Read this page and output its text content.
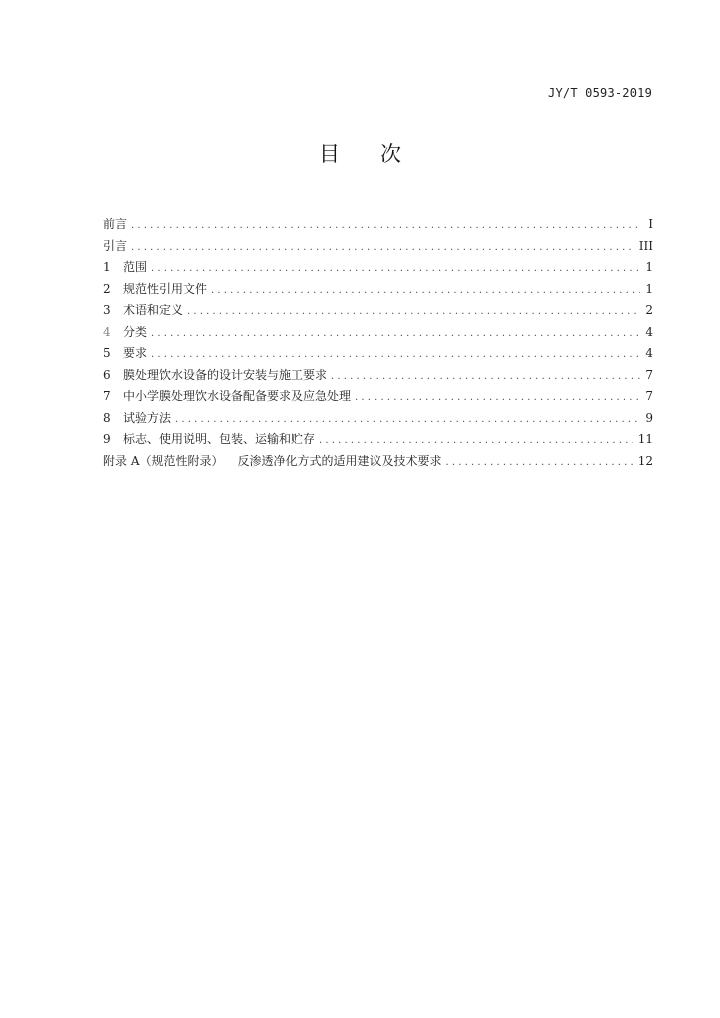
JY/T 0593-2019
目 次
前言 .....	I
引言 .....	III
1	范围 .....	1
2	规范性引用文件 .....	1
3	术语和定义 .....	2
4	分类 .....	4
5	要求 .....	4
6	膜处理饮水设备的设计安装与施工要求 .....	7
7	中小学膜处理饮水设备配备要求及应急处理 .....	7
8	试验方法 .....	9
9	标志、使用说明、包装、运输和贮存 .....	11
附录 A（规范性附录） 反渗透净化方式的适用建议及技术要求 .....	12
